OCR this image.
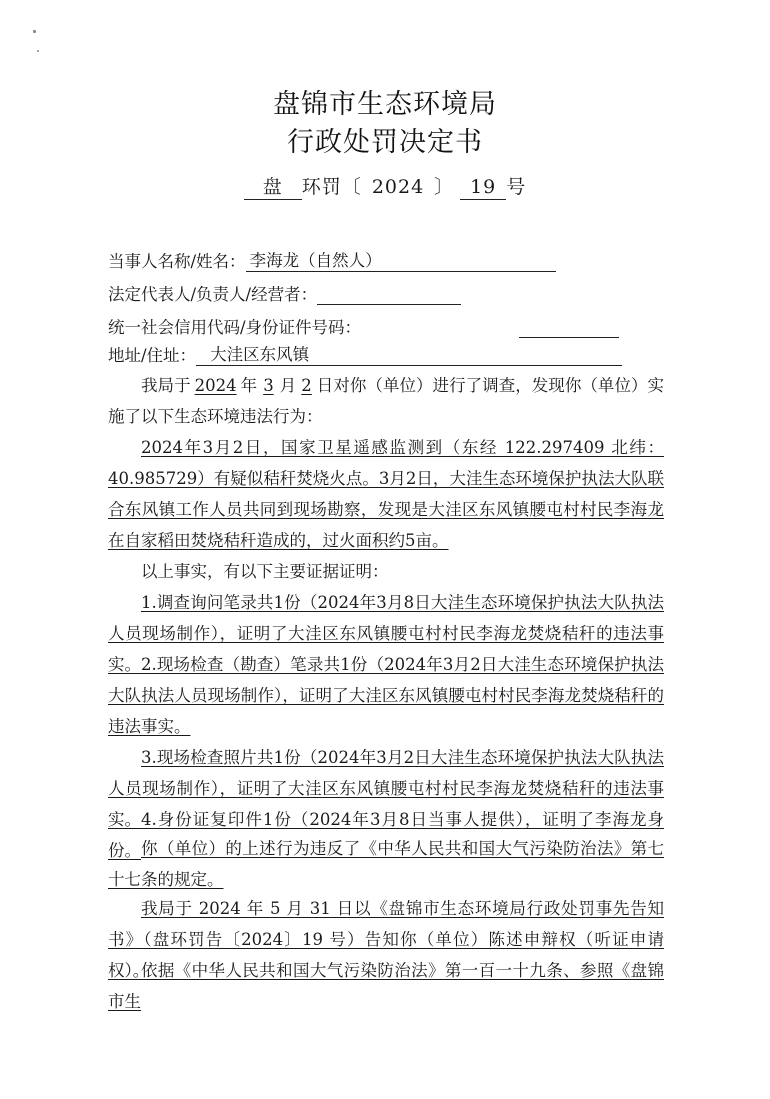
盘锦市生态环境局
行政处罚决定书
盘 环罚〔 2024 〕 19 号
当事人名称/姓名： 李海龙（自然人）
法定代表人/负责人/经营者：
统一社会信用代码/身份证件号码：
地址/住址： 大洼区东风镇
我局于 2024 年 3 月 2 日对你（单位）进行了调查，发现你（单位）实施了以下生态环境违法行为：
2024年3月2日，国家卫星遥感监测到（东经 122.297409 北纬：40.985729）有疑似秸秆焚烧火点。3月2日，大洼生态环境保护执法大队联合东风镇工作人员共同到现场勘察，发现是大洼区东风镇腰屯村村民李海龙在自家稻田焚烧秸秆造成的，过火面积约5亩。
以上事实，有以下主要证据证明：
1.调查询问笔录共1份（2024年3月8日大洼生态环境保护执法大队执法人员现场制作），证明了大洼区东风镇腰屯村村民李海龙焚烧秸秆的违法事实。 2.现场检查（勘查）笔录共1份（2024年3月2日大洼生态环境保护执法大队执法人员现场制作），证明了大洼区东风镇腰屯村村民李海龙焚烧秸秆的违法事实。
3.现场检查照片共1份（2024年3月2日大洼生态环境保护执法大队执法人员现场制作），证明了大洼区东风镇腰屯村村民李海龙焚烧秸秆的违法事实。 4.身份证复印件1份（2024年3月8日当事人提供），证明了李海龙身份。 你（单位）的上述行为违反了《中华人民共和国大气污染防治法》第七十七条的规定。
我局于 2024 年 5 月 31 日以《盘锦市生态环境局行政处罚事先告知书》（盘环罚告〔2024〕19 号）告知你（单位）陈述申辩权（听证申请权）。
依据《中华人民共和国大气污染防治法》第一百一十九条、参照《盘锦市生
